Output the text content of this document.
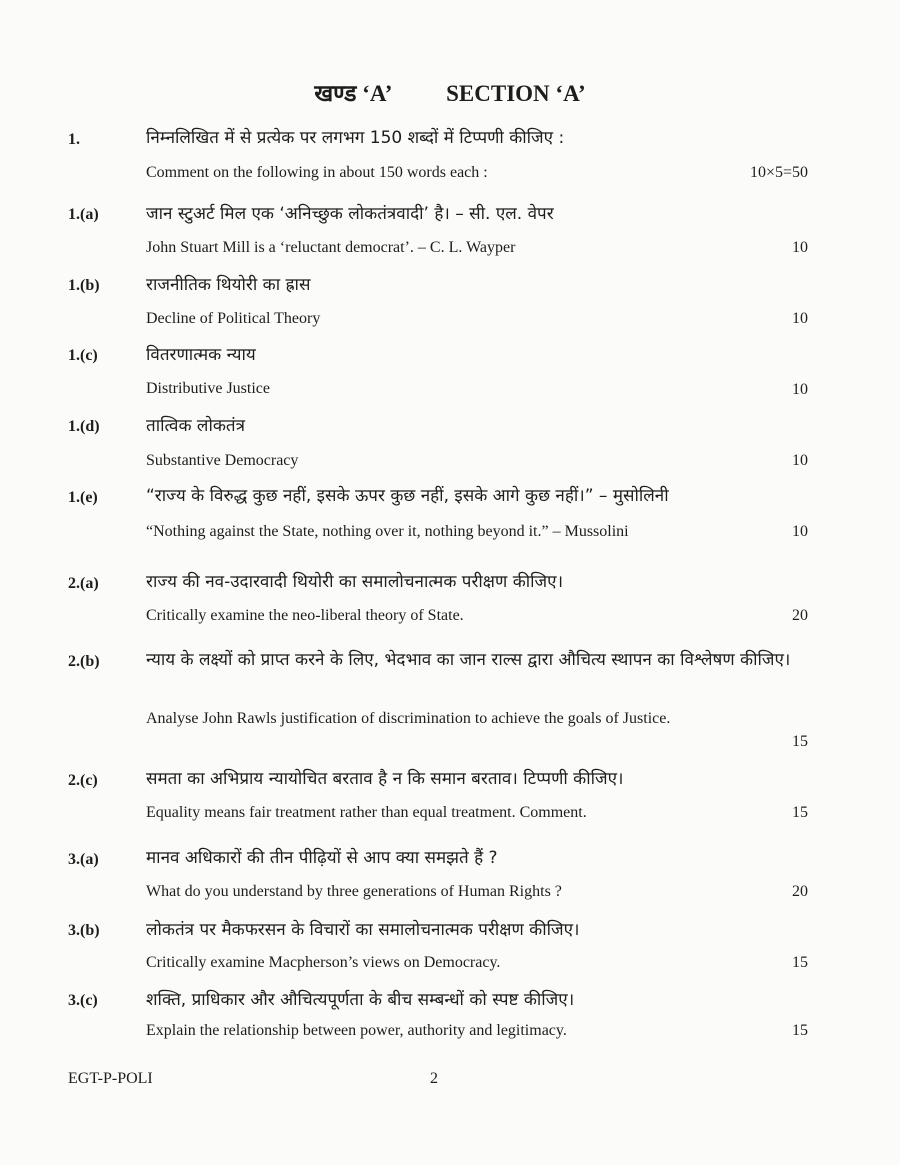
खण्ड ‘A’ SECTION ‘A’
1.	निम्नलिखित में से प्रत्येक पर लगभग 150 शब्दों में टिप्पणी कीजिए :
Comment on the following in about 150 words each :	10×5=50
1.(a)	जान स्टुअर्ट मिल एक ‘अनिच्छुक लोकतंत्रवादी’ है। – सी. एल. वेपर
John Stuart Mill is a ‘reluctant democrat’. – C. L. Wayper	10
1.(b)	राजनीतिक थियोरी का ह्रास
Decline of Political Theory	10
1.(c)	वितरणात्मक न्याय
Distributive Justice	10
1.(d)	तात्विक लोकतंत्र
Substantive Democracy	10
1.(e)	“राज्य के विरुद्ध कुछ नहीं, इसके ऊपर कुछ नहीं, इसके आगे कुछ नहीं।” – मुसोलिनी
“Nothing against the State, nothing over it, nothing beyond it.” – Mussolini	10
2.(a)	राज्य की नव-उदारवादी थियोरी का समालोचनात्मक परीक्षण कीजिए।
Critically examine the neo-liberal theory of State.	20
2.(b)	न्याय के लक्ष्यों को प्राप्त करने के लिए, भेदभाव का जान राल्स द्वारा औचित्य स्थापन का विश्लेषण कीजिए।
Analyse John Rawls justification of discrimination to achieve the goals of Justice.
15
2.(c)	समता का अभिप्राय न्यायोचित बरताव है न कि समान बरताव। टिप्पणी कीजिए।
Equality means fair treatment rather than equal treatment. Comment.	15
3.(a)	मानव अधिकारों की तीन पीढ़ियों से आप क्या समझते हैं ?
What do you understand by three generations of Human Rights ?	20
3.(b)	लोकतंत्र पर मैकफरसन के विचारों का समालोचनात्मक परीक्षण कीजिए।
Critically examine Macpherson’s views on Democracy.	15
3.(c)	शक्ति, प्राधिकार और औचित्यपूर्णता के बीच सम्बन्धों को स्पष्ट कीजिए।
Explain the relationship between power, authority and legitimacy.	15
EGT-P-POLI	2
